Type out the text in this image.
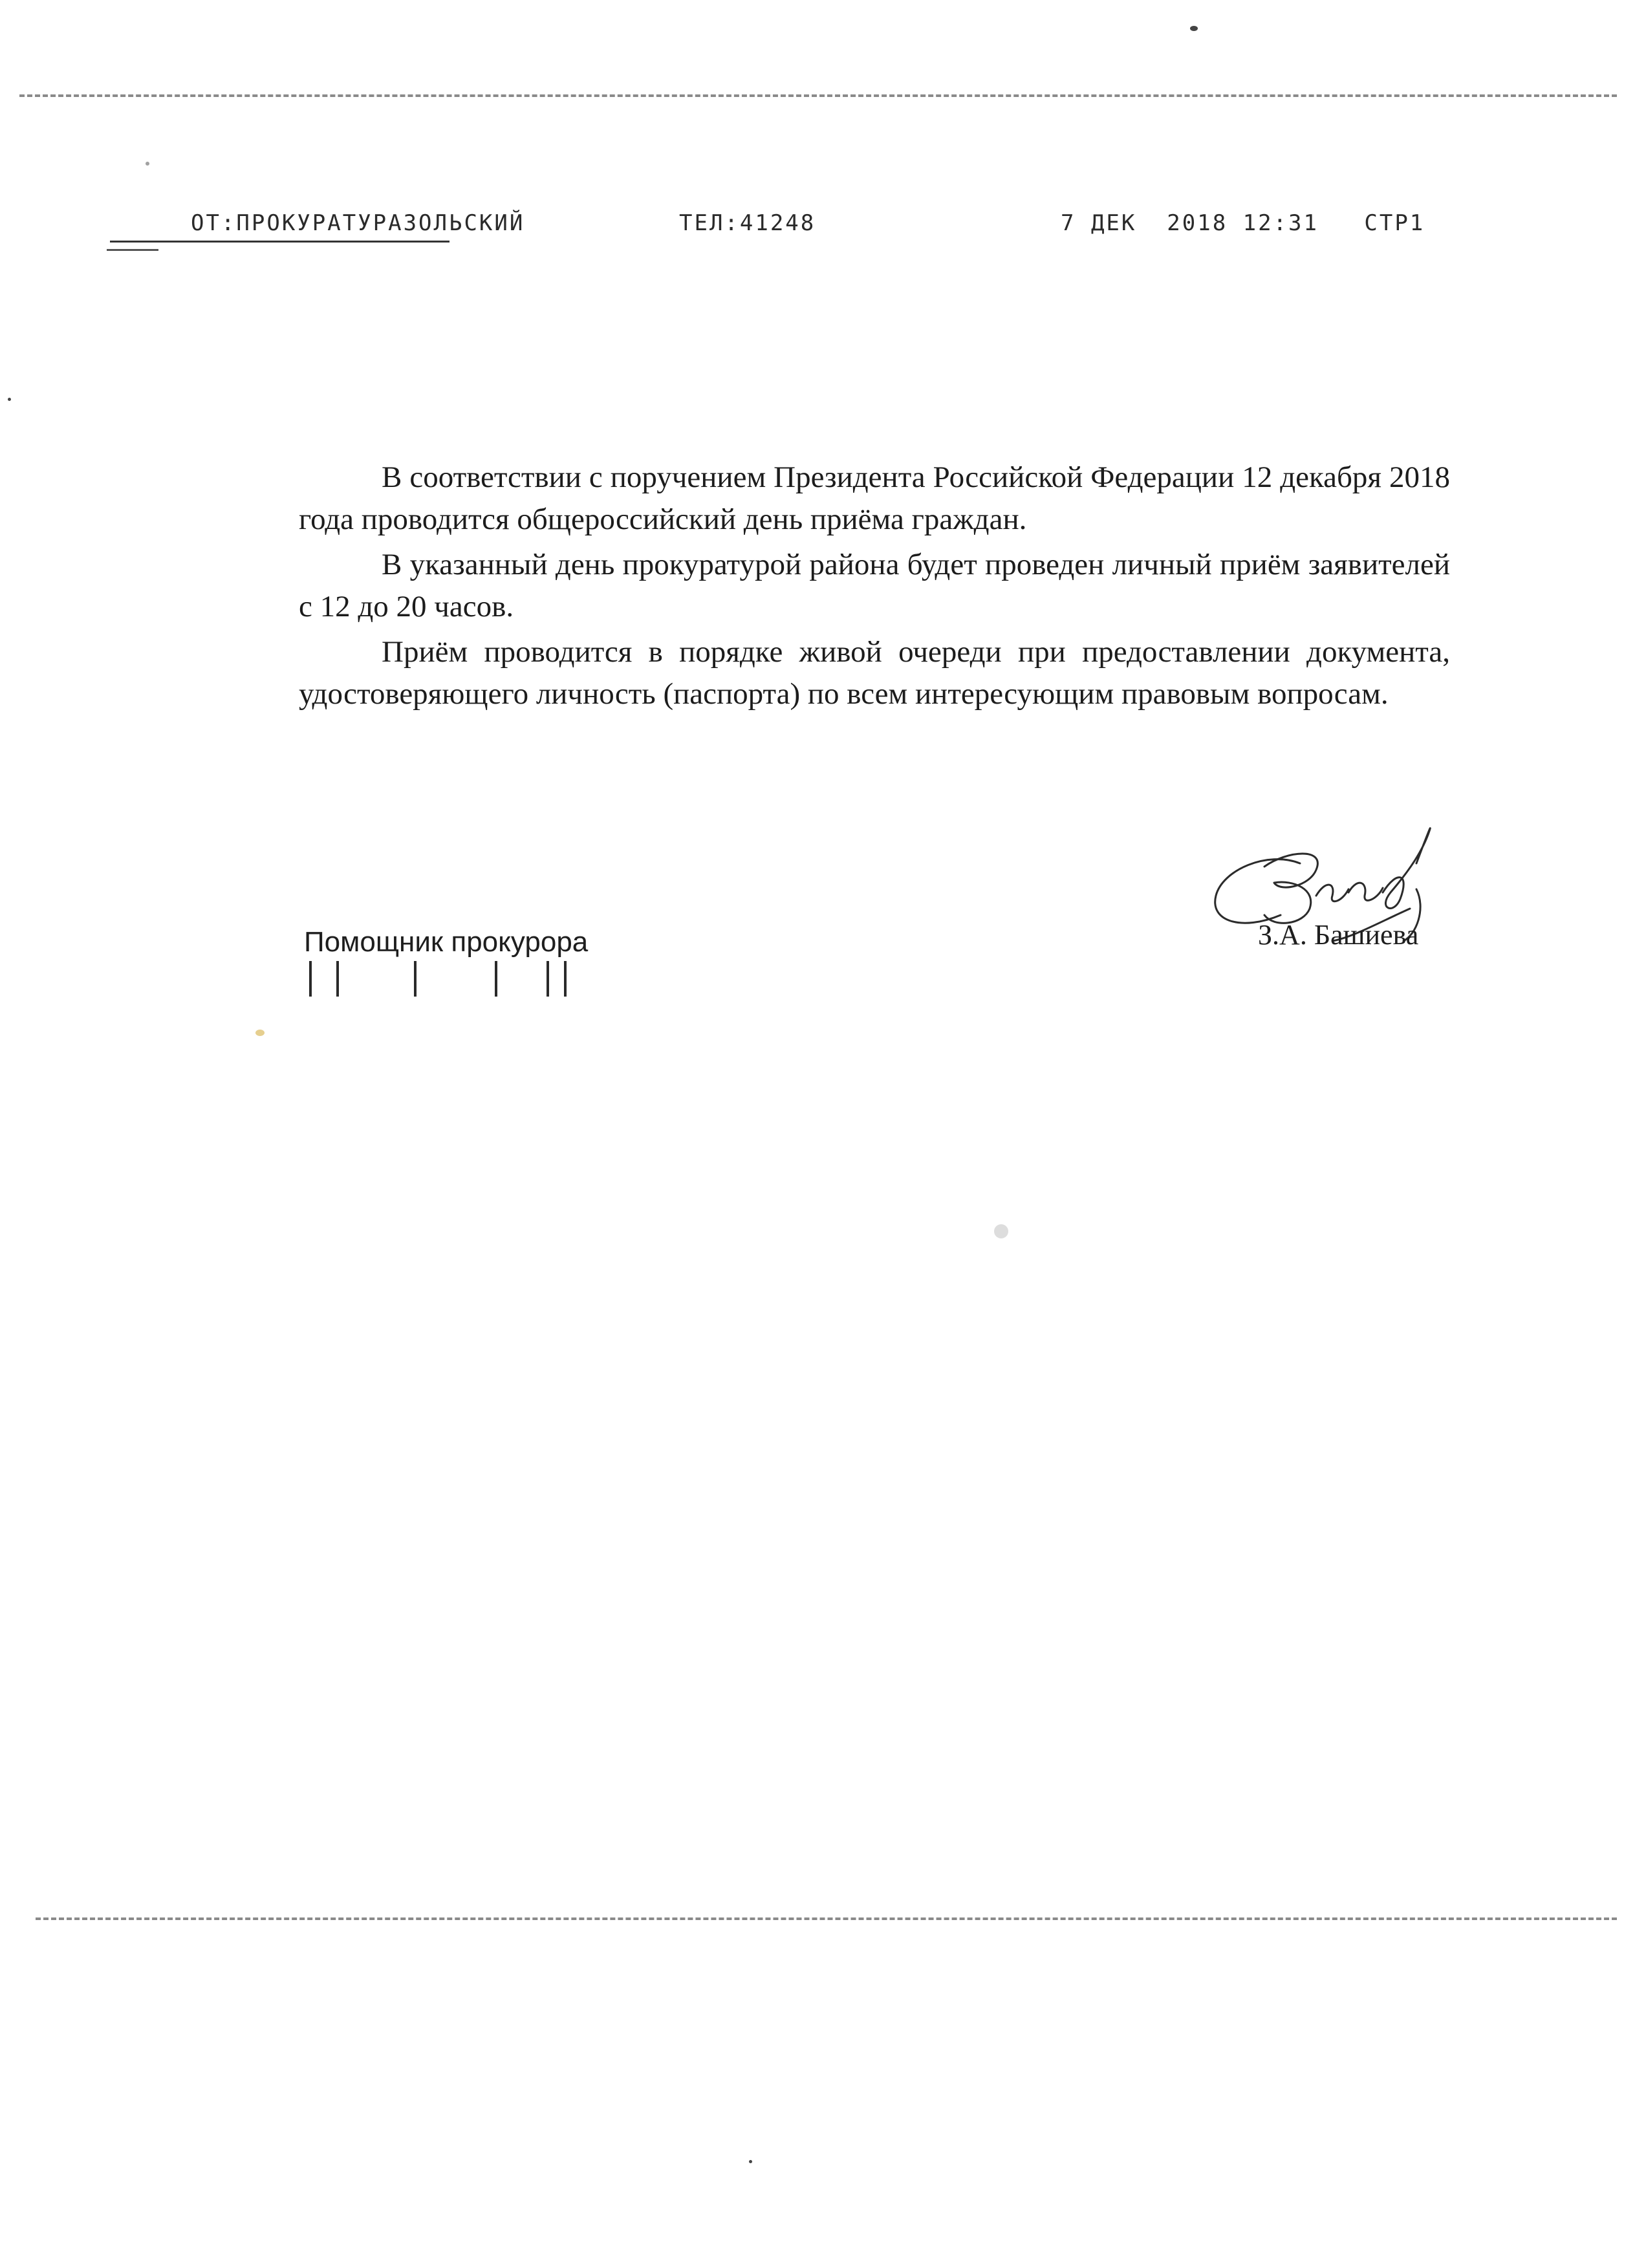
ОТ:ПРОКУРАТУРАЗОЛЬСКИЙ	ТЕЛ:41248	7 ДЕК  2018 12:31   СТР1

В соответствии с поручением Президента Российской Федерации 12 декабря 2018 года проводится общероссийский день приёма граждан.

В указанный день прокуратурой района будет проведен личный приём заявителей с 12 до 20 часов.

Приём проводится в порядке живой очереди при предоставлении документа, удостоверяющего личность (паспорта) по всем интересующим правовым вопросам.

Помощник прокурора	З.А. Башиева
